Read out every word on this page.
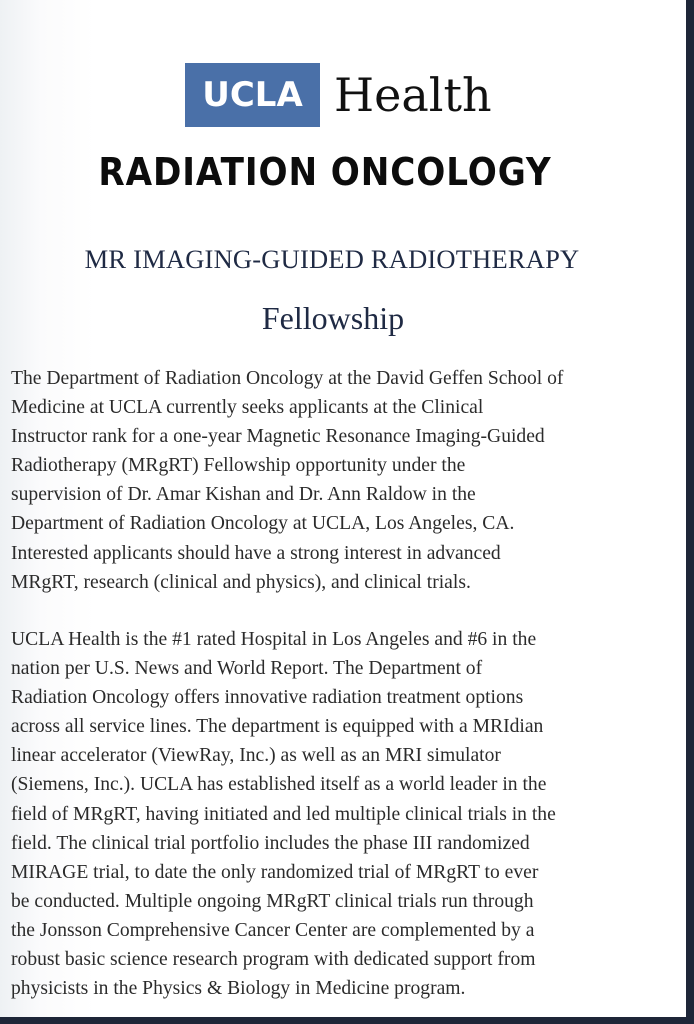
UCLA Health
RADIATION ONCOLOGY
MR IMAGING-GUIDED RADIOTHERAPY
Fellowship

The Department of Radiation Oncology at the David Geffen School of
Medicine at UCLA currently seeks applicants at the Clinical
Instructor rank for a one-year Magnetic Resonance Imaging-Guided
Radiotherapy (MRgRT) Fellowship opportunity under the
supervision of Dr. Amar Kishan and Dr. Ann Raldow in the
Department of Radiation Oncology at UCLA, Los Angeles, CA.
Interested applicants should have a strong interest in advanced
MRgRT, research (clinical and physics), and clinical trials.

UCLA Health is the #1 rated Hospital in Los Angeles and #6 in the
nation per U.S. News and World Report. The Department of
Radiation Oncology offers innovative radiation treatment options
across all service lines. The department is equipped with a MRIdian
linear accelerator (ViewRay, Inc.) as well as an MRI simulator
(Siemens, Inc.). UCLA has established itself as a world leader in the
field of MRgRT, having initiated and led multiple clinical trials in the
field. The clinical trial portfolio includes the phase III randomized
MIRAGE trial, to date the only randomized trial of MRgRT to ever
be conducted. Multiple ongoing MRgRT clinical trials run through
the Jonsson Comprehensive Cancer Center are complemented by a
robust basic science research program with dedicated support from
physicists in the Physics & Biology in Medicine program.
